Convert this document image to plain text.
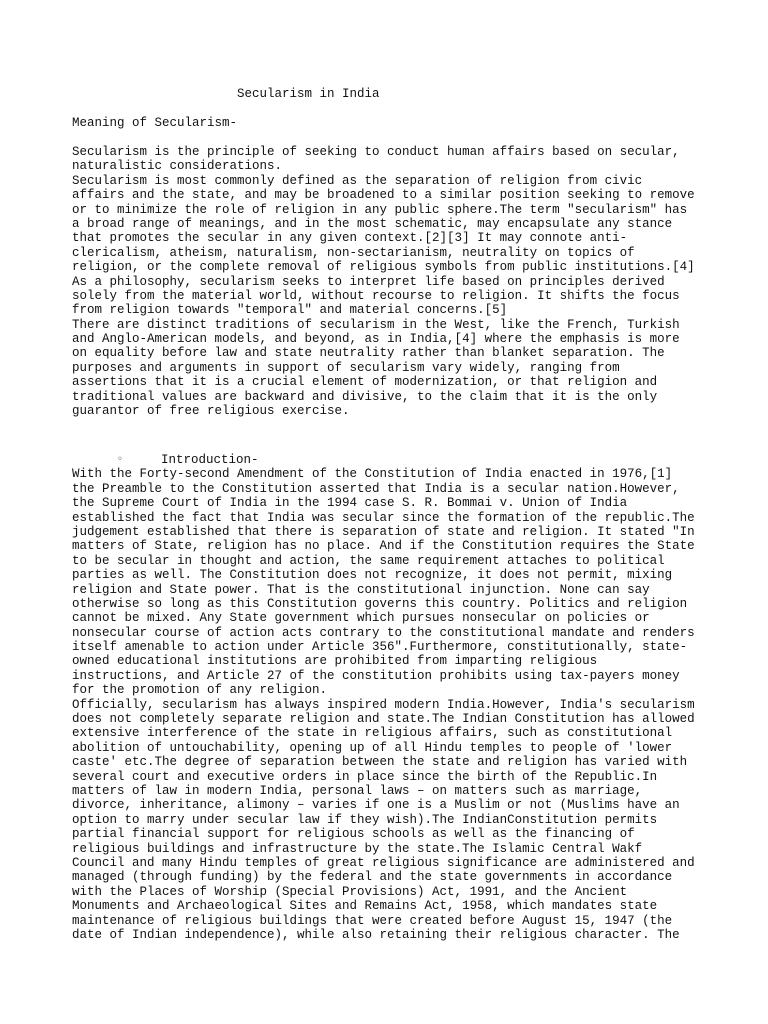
Secularism in India
Meaning of Secularism-
Secularism is the principle of seeking to conduct human affairs based on secular,
naturalistic considerations.
Secularism is most commonly defined as the separation of religion from civic
affairs and the state, and may be broadened to a similar position seeking to remove
or to minimize the role of religion in any public sphere.The term "secularism" has
a broad range of meanings, and in the most schematic, may encapsulate any stance
that promotes the secular in any given context.[2][3] It may connote anti-
clericalism, atheism, naturalism, non-sectarianism, neutrality on topics of
religion, or the complete removal of religious symbols from public institutions.[4]
As a philosophy, secularism seeks to interpret life based on principles derived
solely from the material world, without recourse to religion. It shifts the focus
from religion towards "temporal" and material concerns.[5]
There are distinct traditions of secularism in the West, like the French, Turkish
and Anglo-American models, and beyond, as in India,[4] where the emphasis is more
on equality before law and state neutrality rather than blanket separation. The
purposes and arguments in support of secularism vary widely, ranging from
assertions that it is a crucial element of modernization, or that religion and
traditional values are backward and divisive, to the claim that it is the only
guarantor of free religious exercise.

◦

	Introduction-

With the Forty-second Amendment of the Constitution of India enacted in 1976,[1]
the Preamble to the Constitution asserted that India is a secular nation.However,
the Supreme Court of India in the 1994 case S. R. Bommai v. Union of India
established the fact that India was secular since the formation of the republic.The
judgement established that there is separation of state and religion. It stated "In
matters of State, religion has no place. And if the Constitution requires the State
to be secular in thought and action, the same requirement attaches to political
parties as well. The Constitution does not recognize, it does not permit, mixing
religion and State power. That is the constitutional injunction. None can say
otherwise so long as this Constitution governs this country. Politics and religion
cannot be mixed. Any State government which pursues nonsecular on policies or
nonsecular course of action acts contrary to the constitutional mandate and renders
itself amenable to action under Article 356".Furthermore, constitutionally, state-
owned educational institutions are prohibited from imparting religious
instructions, and Article 27 of the constitution prohibits using tax-payers money
for the promotion of any religion.
Officially, secularism has always inspired modern India.However, India's secularism
does not completely separate religion and state.The Indian Constitution has allowed
extensive interference of the state in religious affairs, such as constitutional
abolition of untouchability, opening up of all Hindu temples to people of 'lower
caste' etc.The degree of separation between the state and religion has varied with
several court and executive orders in place since the birth of the Republic.In
matters of law in modern India, personal laws – on matters such as marriage,
divorce, inheritance, alimony – varies if one is a Muslim or not (Muslims have an
option to marry under secular law if they wish).The IndianConstitution permits
partial financial support for religious schools as well as the financing of
religious buildings and infrastructure by the state.The Islamic Central Wakf
Council and many Hindu temples of great religious significance are administered and
managed (through funding) by the federal and the state governments in accordance
with the Places of Worship (Special Provisions) Act, 1991, and the Ancient
Monuments and Archaeological Sites and Remains Act, 1958, which mandates state
maintenance of religious buildings that were created before August 15, 1947 (the
date of Indian independence), while also retaining their religious character. The
